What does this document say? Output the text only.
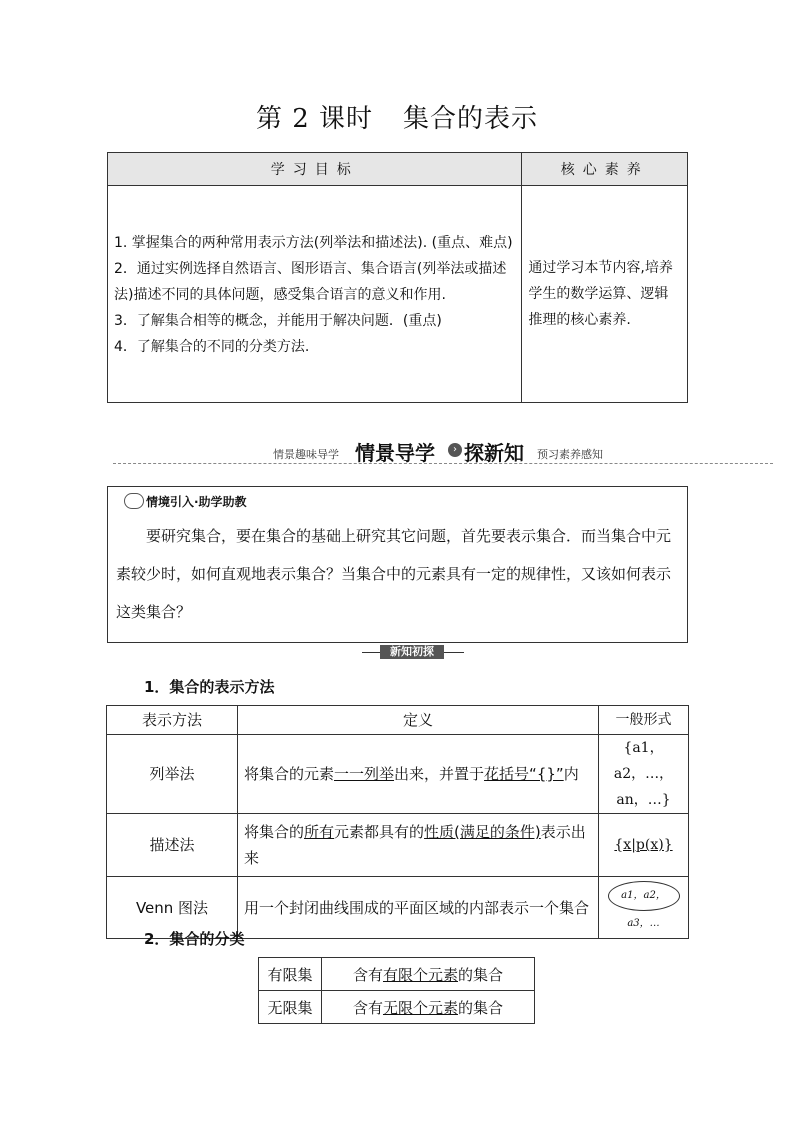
第 2 课时 集合的表示
学习目标	核心素养

1. 掌握集合的两种常用表示方法(列举法和描述法). (重点、难点)
2．通过实例选择自然语言、图形语言、集合语言(列举法或描述法)描述不同的具体问题，感受集合语言的意义和作用.
3．了解集合相等的概念，并能用于解决问题．(重点)
4．了解集合的不同的分类方法.	通过学习本节内容,培养学生的数学运算、逻辑推理的核心素养.
情景趣味导学 情景导学	› 探新知 预习素养感知
情境引入·助学助教
要研究集合，要在集合的基础上研究其它问题，首先要表示集合．而当集合中元素较少时，如何直观地表示集合？当集合中的元素具有一定的规律性，又该如何表示这类集合？
新知初探
1．集合的表示方法
表示方法	定义	一般形式
列举法	将集合的元素一一列举出来，并置于花括号“{}”内	{a1，a2，…，an，…}
描述法	将集合的所有元素都具有的性质(满足的条件)表示出来	{x|p(x)}
Venn 图法	用一个封闭曲线围成的平面区域的内部表示一个集合	a1，a2，a3，…
2．集合的分类
有限集	含有有限个元素的集合
无限集	含有无限个元素的集合
